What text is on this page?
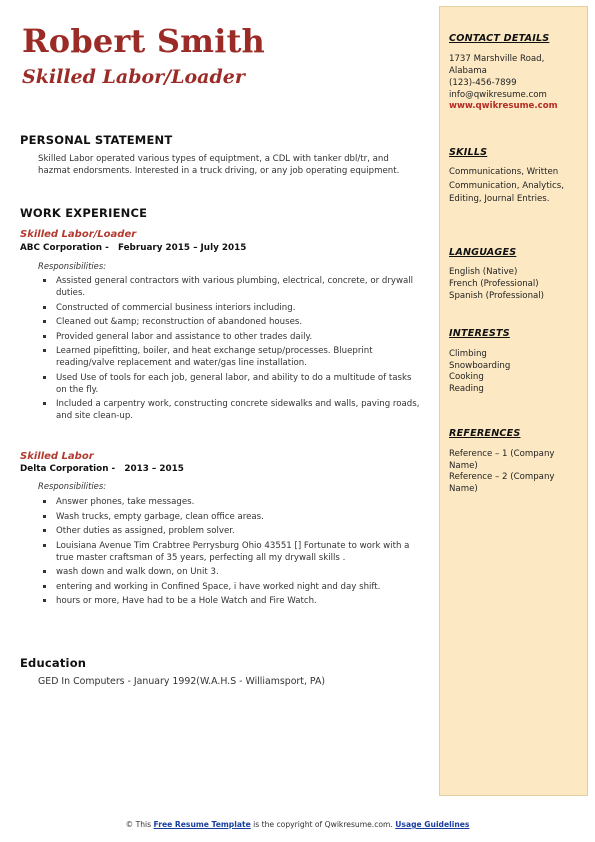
Robert Smith
Skilled Labor/Loader
PERSONAL STATEMENT
Skilled Labor operated various types of equiptment, a CDL with tanker dbl/tr, and hazmat endorsments. Interested in a truck driving, or any job operating equipment.
WORK EXPERIENCE
Skilled Labor/Loader
ABC Corporation - February 2015 – July 2015
Responsibilities:
Assisted general contractors with various plumbing, electrical, concrete, or drywall duties.
Constructed of commercial business interiors including.
Cleaned out &amp; reconstruction of abandoned houses.
Provided general labor and assistance to other trades daily.
Learned pipefitting, boiler, and heat exchange setup/processes. Blueprint reading/valve replacement and water/gas line installation.
Used Use of tools for each job, general labor, and ability to do a multitude of tasks on the fly.
Included a carpentry work, constructing concrete sidewalks and walls, paving roads, and site clean-up.
Skilled Labor
Delta Corporation - 2013 – 2015
Responsibilities:
Answer phones, take messages.
Wash trucks, empty garbage, clean office areas.
Other duties as assigned, problem solver.
Louisiana Avenue Tim Crabtree Perrysburg Ohio 43551 [] Fortunate to work with a true master craftsman of 35 years, perfecting all my drywall skills .
wash down and walk down, on Unit 3.
entering and working in Confined Space, i have worked night and day shift.
hours or more, Have had to be a Hole Watch and Fire Watch.
Education
GED In Computers - January 1992(W.A.H.S - Williamsport, PA)
CONTACT DETAILS
1737 Marshville Road, Alabama
(123)-456-7899
info@qwikresume.com
www.qwikresume.com
SKILLS
Communications, Written Communication, Analytics, Editing, Journal Entries.
LANGUAGES
English (Native)
French (Professional)
Spanish (Professional)
INTERESTS
Climbing
Snowboarding
Cooking
Reading
REFERENCES
Reference – 1 (Company Name)
Reference – 2 (Company Name)
© This Free Resume Template is the copyright of Qwikresume.com. Usage Guidelines
